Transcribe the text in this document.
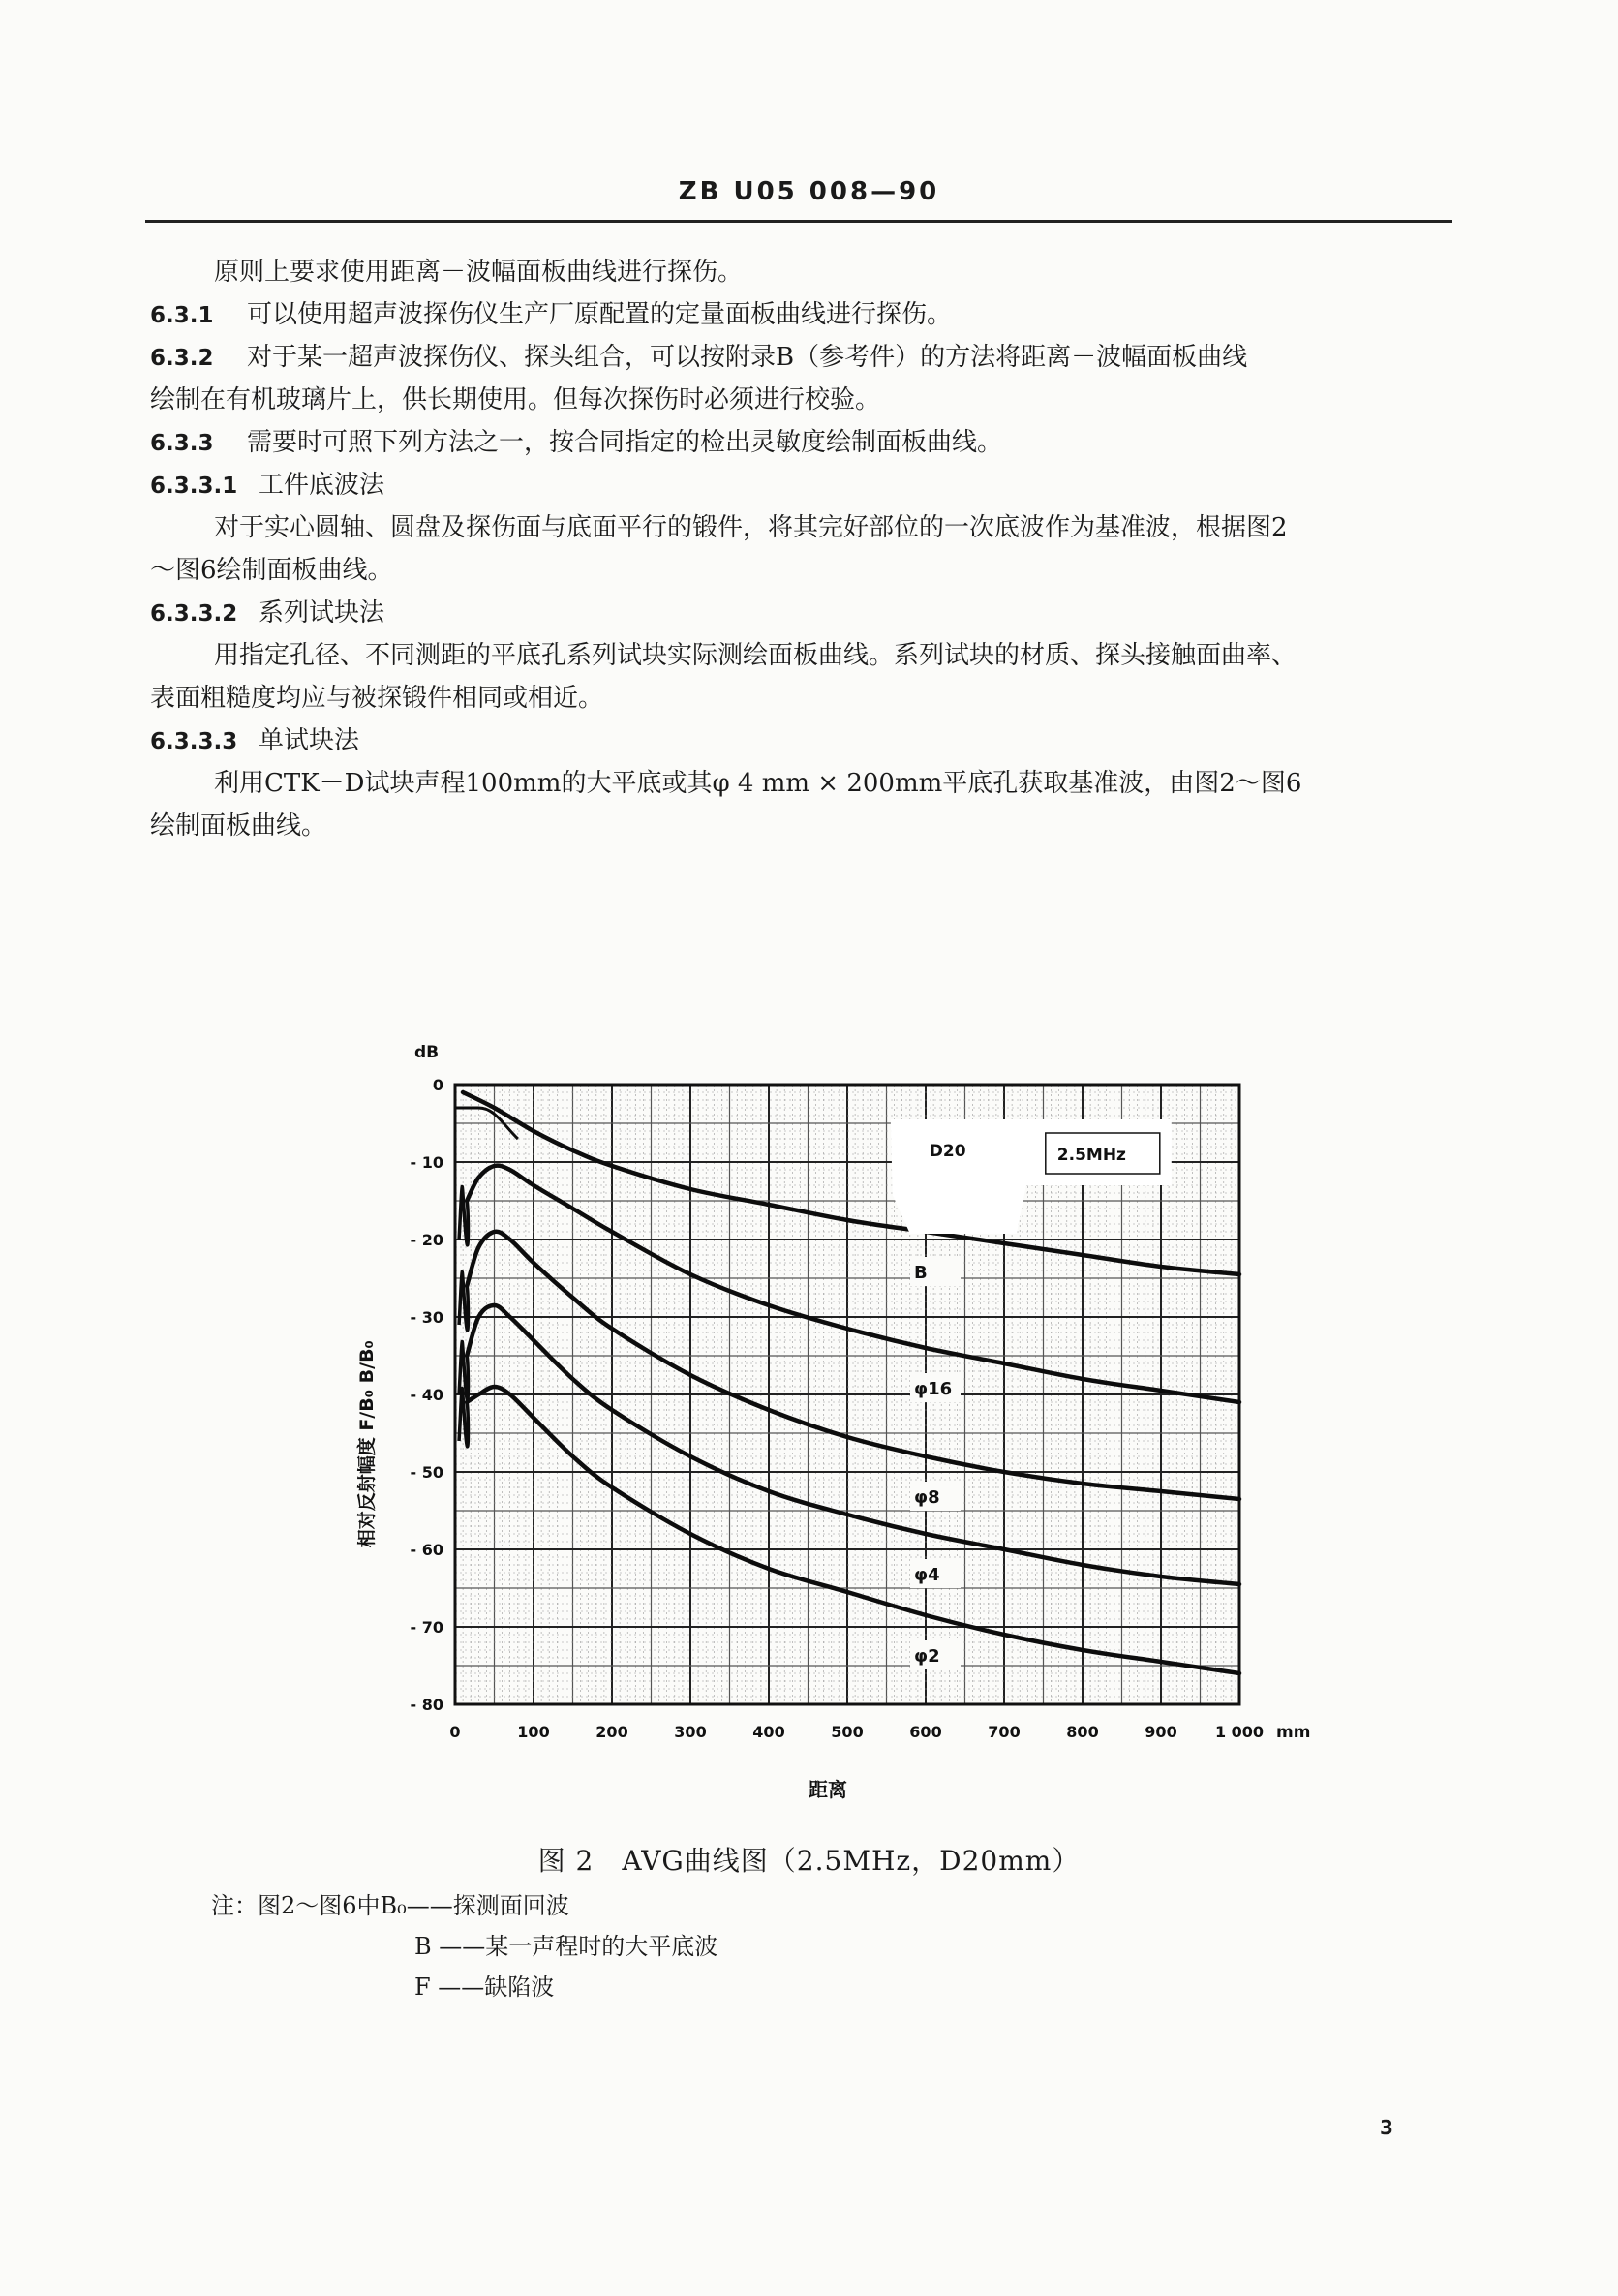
ZB U05 008—90
原则上要求使用距离－波幅面板曲线进行探伤。
6.3.1 可以使用超声波探伤仪生产厂原配置的定量面板曲线进行探伤。
6.3.2 对于某一超声波探伤仪、探头组合，可以按附录B（参考件）的方法将距离－波幅面板曲线
绘制在有机玻璃片上，供长期使用。但每次探伤时必须进行校验。
6.3.3 需要时可照下列方法之一，按合同指定的检出灵敏度绘制面板曲线。
6.3.3.1 工件底波法
对于实心圆轴、圆盘及探伤面与底面平行的锻件，将其完好部位的一次底波作为基准波，根据图2
～图6绘制面板曲线。
6.3.3.2 系列试块法
用指定孔径、不同测距的平底孔系列试块实际测绘面板曲线。系列试块的材质、探头接触面曲率、
表面粗糙度均应与被探锻件相同或相近。
6.3.3.3 单试块法
利用CTK－D试块声程100mm的大平底或其φ 4 mm × 200mm平底孔获取基准波，由图2～图6
绘制面板曲线。
B
φ16
φ8
φ4
φ2
0	100	200	300	400	500	600	700	800	900 1 000
0
- 10
- 20
- 30
- 40
- 50
- 60
- 70
- 80
dB
mm
距离
相对反射幅度 F/B₀ B/B₀
D20	2.5MHz
图 2　AVG曲线图（2.5MHz，D20mm）
注：图2～图6中B₀——探测面回波
B ——某一声程时的大平底波
F ——缺陷波
3
